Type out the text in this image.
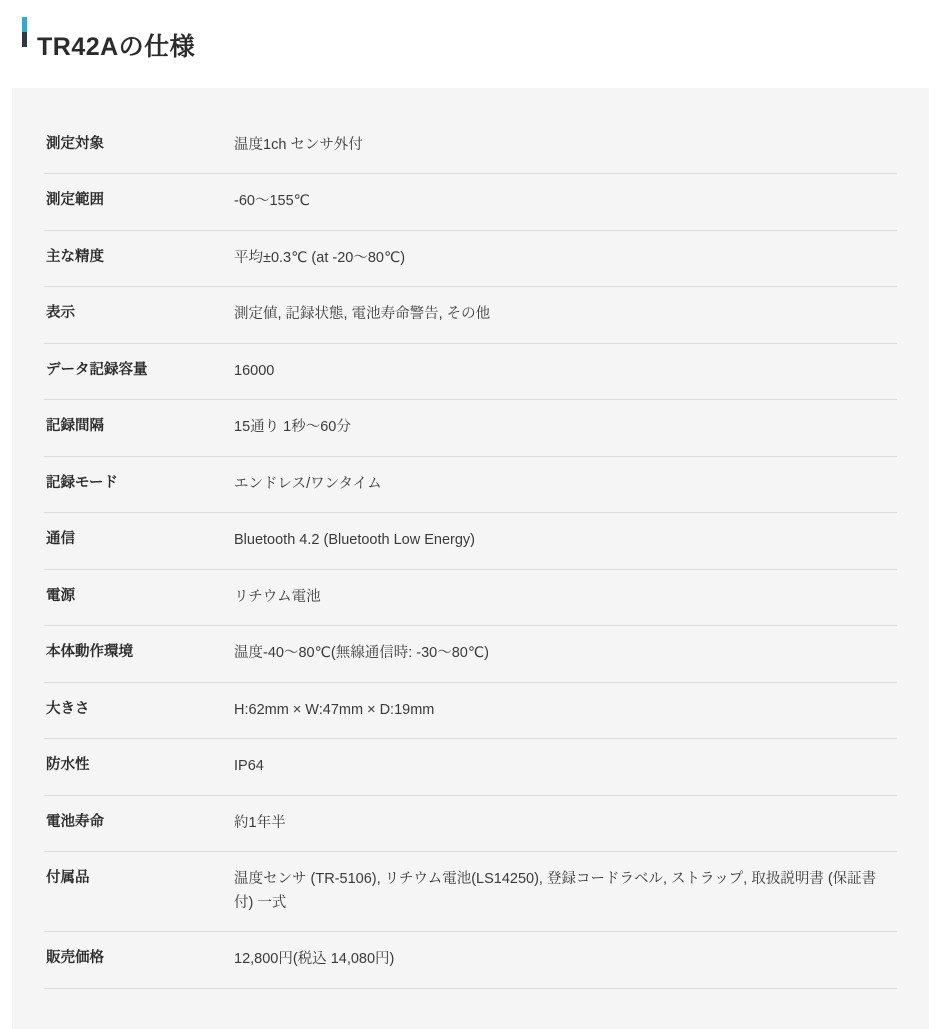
TR42Aの仕様
測定対象	温度1ch センサ外付
測定範囲	-60〜155℃
主な精度	平均±0.3℃ (at -20〜80℃)
表示	測定値, 記録状態, 電池寿命警告, その他
データ記録容量	16000
記録間隔	15通り 1秒〜60分
記録モード	エンドレス/ワンタイム
通信	Bluetooth 4.2 (Bluetooth Low Energy)
電源	リチウム電池
本体動作環境	温度-40〜80℃(無線通信時: -30〜80℃)
大きさ	H:62mm × W:47mm × D:19mm
防水性	IP64
電池寿命	約1年半
付属品	温度センサ (TR-5106), リチウム電池(LS14250), 登録コードラベル, ストラップ, 取扱説明書 (保証書付) 一式
販売価格	12,800円(税込 14,080円)
